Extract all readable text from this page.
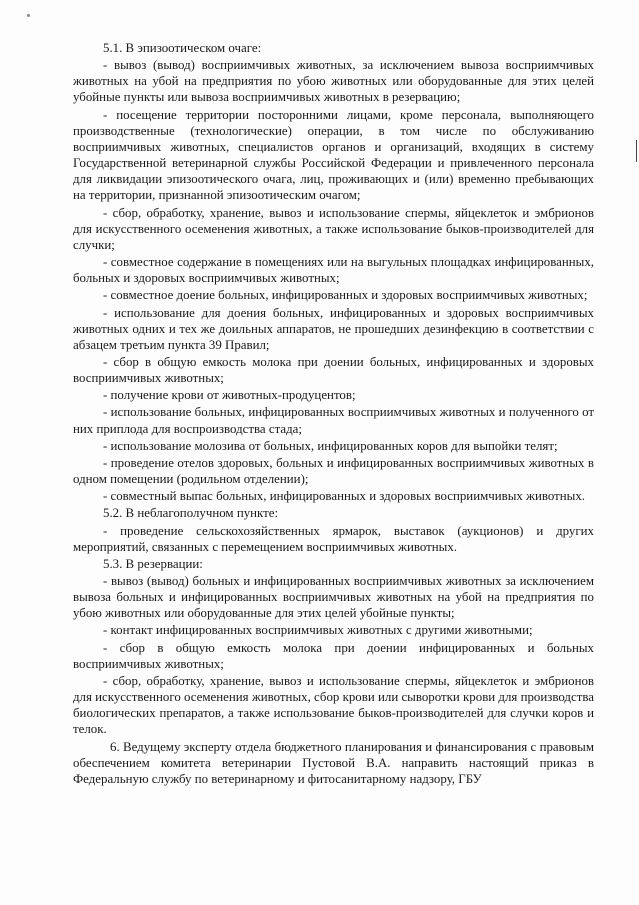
5.1. В эпизоотическом очаге:

- вывоз (вывод) восприимчивых животных, за исключением вывоза восприимчивых животных на убой на предприятия по убою животных или оборудованные для этих целей убойные пункты или вывоза восприимчивых животных в резервацию;

- посещение территории посторонними лицами, кроме персонала, выполняющего производственные (технологические) операции, в том числе по обслуживанию восприимчивых животных, специалистов органов и организаций, входящих в систему Государственной ветеринарной службы Российской Федерации и привлеченного персонала для ликвидации эпизоотического очага, лиц, проживающих и (или) временно пребывающих на территории, признанной эпизоотическим очагом;

- сбор, обработку, хранение, вывоз и использование спермы, яйцеклеток и эмбрионов для искусственного осеменения животных, а также использование быков-производителей для случки;

- совместное содержание в помещениях или на выгульных площадках инфицированных, больных и здоровых восприимчивых животных;

- совместное доение больных, инфицированных и здоровых восприимчивых животных;

- использование для доения больных, инфицированных и здоровых восприимчивых животных одних и тех же доильных аппаратов, не прошедших дезинфекцию в соответствии с абзацем третьим пункта 39 Правил;

- сбор в общую емкость молока при доении больных, инфицированных и здоровых восприимчивых животных;

- получение крови от животных-продуцентов;

- использование больных, инфицированных восприимчивых животных и полученного от них приплода для воспроизводства стада;

- использование молозива от больных, инфицированных коров для выпойки телят;

- проведение отелов здоровых, больных и инфицированных восприимчивых животных в одном помещении (родильном отделении);

- совместный выпас больных, инфицированных и здоровых восприимчивых животных.

5.2. В неблагополучном пункте:

- проведение сельскохозяйственных ярмарок, выставок (аукционов) и других мероприятий, связанных с перемещением восприимчивых животных.

5.3. В резервации:

- вывоз (вывод) больных и инфицированных восприимчивых животных за исключением вывоза больных и инфицированных восприимчивых животных на убой на предприятия по убою животных или оборудованные для этих целей убойные пункты;

- контакт инфицированных восприимчивых животных с другими животными;

- сбор в общую емкость молока при доении инфицированных и больных восприимчивых животных;

- сбор, обработку, хранение, вывоз и использование спермы, яйцеклеток и эмбрионов для искусственного осеменения животных, сбор крови или сыворотки крови для производства биологических препаратов, а также использование быков-производителей для случки коров и телок.

6. Ведущему эксперту отдела бюджетного планирования и финансирования с правовым обеспечением комитета ветеринарии Пустовой В.А. направить настоящий приказ в Федеральную службу по ветеринарному и фитосанитарному надзору, ГБУ
